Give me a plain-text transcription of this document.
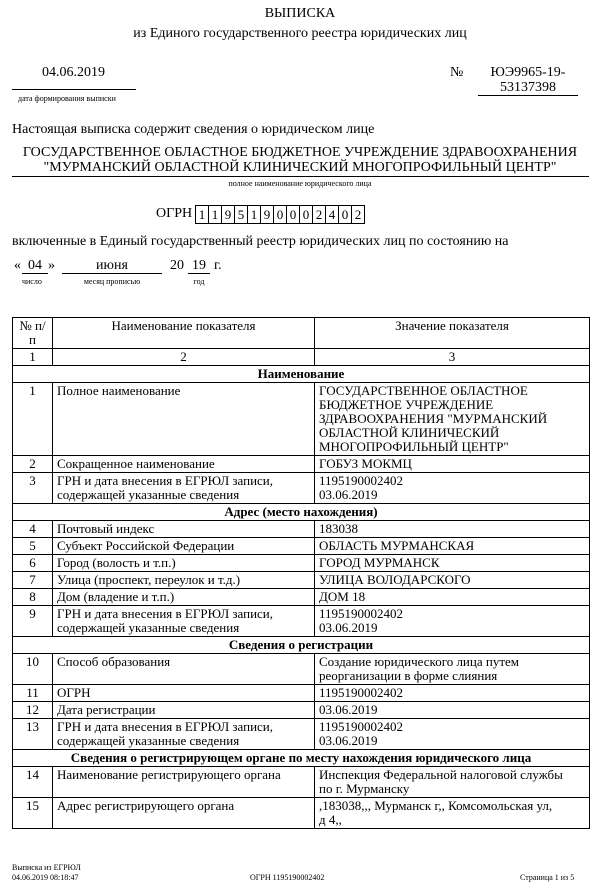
ВЫПИСКА
из Единого государственного реестра юридических лиц
04.06.2019
дата формирования выписки
№	ЮЭ9965-19-
53137398
Настоящая выписка содержит сведения о юридическом лице
ГОСУДАРСТВЕННОЕ ОБЛАСТНОЕ БЮДЖЕТНОЕ УЧРЕЖДЕНИЕ ЗДРАВООХРАНЕНИЯ
"МУРМАНСКИЙ ОБЛАСТНОЙ КЛИНИЧЕСКИЙ МНОГОПРОФИЛЬНЫЙ ЦЕНТР"
полное наименование юридического лица
ОГРН 1 1 9 5 1 9 0 0 0 2 4 0 2
включенные в Единый государственный реестр юридических лиц по состоянию на
« 04 »	июня	20 19 г.
число	месяц прописью	год
№ п/п	Наименование показателя	Значение показателя
1	2	3
Наименование		
1	Полное наименование	ГОСУДАРСТВЕННОЕ ОБЛАСТНОЕ
БЮДЖЕТНОЕ УЧРЕЖДЕНИЕ
ЗДРАВООХРАНЕНИЯ "МУРМАНСКИЙ
ОБЛАСТНОЙ КЛИНИЧЕСКИЙ
МНОГОПРОФИЛЬНЫЙ ЦЕНТР"
2	Сокращенное наименование	ГОБУЗ МОКМЦ
3	ГРН и дата внесения в ЕГРЮЛ записи,
содержащей указанные сведения	1195190002402
03.06.2019
Адрес (место нахождения)		
4	Почтовый индекс	183038
5	Субъект Российской Федерации	ОБЛАСТЬ МУРМАНСКАЯ
6	Город (волость и т.п.)	ГОРОД МУРМАНСК
7	Улица (проспект, переулок и т.д.)	УЛИЦА ВОЛОДАРСКОГО
8	Дом (владение и т.п.)	ДОМ 18
9	ГРН и дата внесения в ЕГРЮЛ записи,
содержащей указанные сведения	1195190002402
03.06.2019
Сведения о регистрации		
10	Способ образования	Создание юридического лица путем
реорганизации в форме слияния
11	ОГРН	1195190002402
12	Дата регистрации	03.06.2019
13	ГРН и дата внесения в ЕГРЮЛ записи,
содержащей указанные сведения	1195190002402
03.06.2019
Сведения о регистрирующем органе по месту нахождения юридического лица		
14	Наименование регистрирующего органа	Инспекция Федеральной налоговой службы
по г. Мурманску
15	Адрес регистрирующего органа	,183038,,, Мурманск г,, Комсомольская ул,
д 4,,
Выписка из ЕГРЮЛ
04.06.2019 08:18:47	ОГРН 1195190002402	Страница 1 из 5
